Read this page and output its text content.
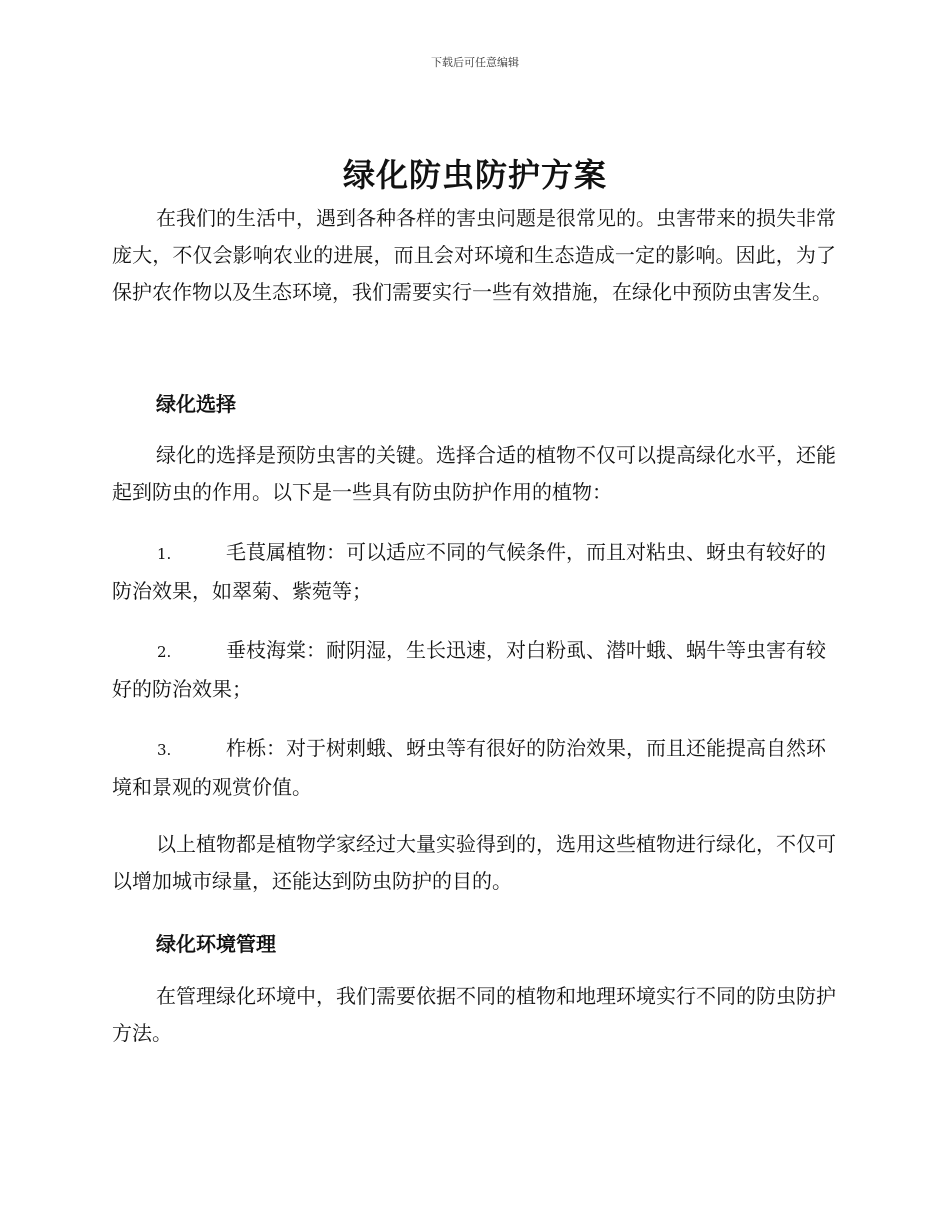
下载后可任意编辑
绿化防虫防护方案

在我们的生活中，遇到各种各样的害虫问题是很常见的。虫害带来的损失非常庞大，不仅会影响农业的进展，而且会对环境和生态造成一定的影响。因此，为了保护农作物以及生态环境，我们需要实行一些有效措施，在绿化中预防虫害发生。

绿化选择

绿化的选择是预防虫害的关键。选择合适的植物不仅可以提高绿化水平，还能起到防虫的作用。以下是一些具有防虫防护作用的植物：

1.	毛茛属植物：可以适应不同的气候条件，而且对粘虫、蚜虫有较好的防治效果，如翠菊、紫菀等；

2.	垂枝海棠：耐阴湿，生长迅速，对白粉虱、潜叶蛾、蜗牛等虫害有较好的防治效果；

3.	柞栎：对于树刺蛾、蚜虫等有很好的防治效果，而且还能提高自然环境和景观的观赏价值。

以上植物都是植物学家经过大量实验得到的，选用这些植物进行绿化，不仅可以增加城市绿量，还能达到防虫防护的目的。

绿化环境管理

在管理绿化环境中，我们需要依据不同的植物和地理环境实行不同的防虫防护方法。
